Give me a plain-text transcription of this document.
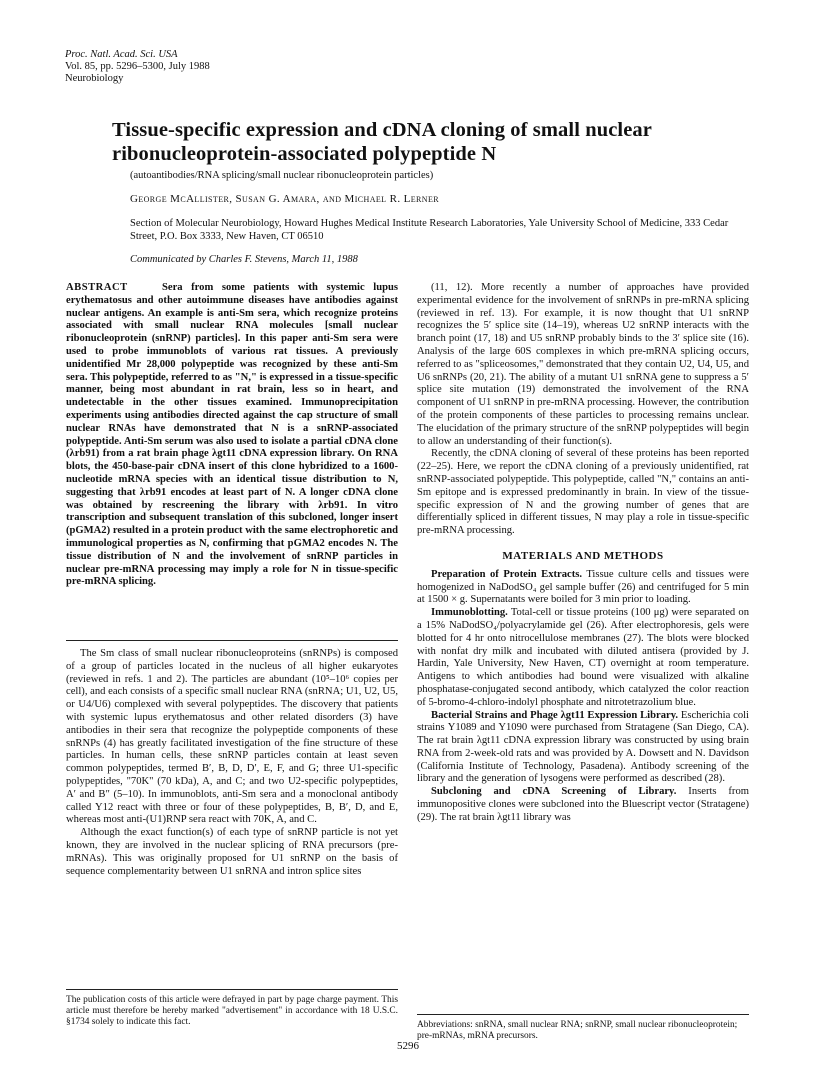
Proc. Natl. Acad. Sci. USA
Vol. 85, pp. 5296–5300, July 1988
Neurobiology
Tissue-specific expression and cDNA cloning of small nuclear ribonucleoprotein-associated polypeptide N
(autoantibodies/RNA splicing/small nuclear ribonucleoprotein particles)
George McAllister, Susan G. Amara, and Michael R. Lerner
Section of Molecular Neurobiology, Howard Hughes Medical Institute Research Laboratories, Yale University School of Medicine, 333 Cedar Street, P.O. Box 3333, New Haven, CT 06510
Communicated by Charles F. Stevens, March 11, 1988

ABSTRACT	Sera from some patients with systemic lupus erythematosus and other autoimmune diseases have antibodies against nuclear antigens. An example is anti-Sm sera, which recognize proteins associated with small nuclear RNA molecules [small nuclear ribonucleoprotein (snRNP) particles]. In this paper anti-Sm sera were used to probe immunoblots of various rat tissues. A previously unidentified Mr 28,000 polypeptide was recognized by these anti-Sm sera. This polypeptide, referred to as "N," is expressed in a tissue-specific manner, being most abundant in rat brain, less so in heart, and undetectable in the other tissues examined. Immunoprecipitation experiments using antibodies directed against the cap structure of small nuclear RNAs have demonstrated that N is a snRNP-associated polypeptide. Anti-Sm serum was also used to isolate a partial cDNA clone (λrb91) from a rat brain phage λgt11 cDNA expression library. On RNA blots, the 450-base-pair cDNA insert of this clone hybridized to a 1600-nucleotide mRNA species with an identical tissue distribution to N, suggesting that λrb91 encodes at least part of N. A longer cDNA clone was obtained by rescreening the library with λrb91. In vitro transcription and subsequent translation of this subcloned, longer insert (pGMA2) resulted in a protein product with the same electrophoretic and immunological properties as N, confirming that pGMA2 encodes N. The tissue distribution of N and the involvement of snRNP particles in nuclear pre-mRNA processing may imply a role for N in tissue-specific pre-mRNA splicing.

The Sm class of small nuclear ribonucleoproteins (snRNPs) is composed of a group of particles located in the nucleus of all higher eukaryotes (reviewed in refs. 1 and 2). The particles are abundant (10⁵–10⁶ copies per cell), and each consists of a specific small nuclear RNA (snRNA; U1, U2, U5, or U4/U6) complexed with several polypeptides. The discovery that patients with systemic lupus erythematosus and other related disorders (3) have antibodies in their sera that recognize the polypeptide components of these snRNPs (4) has greatly facilitated investigation of the fine structure of these particles. In human cells, these snRNP particles contain at least seven common polypeptides, termed B′, B, D, D′, E, F, and G; three U1-specific polypeptides, "70K" (70 kDa), A, and C; and two U2-specific polypeptides, A′ and B″ (5–10). In immunoblots, anti-Sm sera and a monoclonal antibody called Y12 react with three or four of these polypeptides, B, B′, D, and E, whereas most anti-(U1)RNP sera react with 70K, A, and C.

Although the exact function(s) of each type of snRNP particle is not yet known, they are involved in the nuclear splicing of RNA precursors (pre-mRNAs). This was originally proposed for U1 snRNP on the basis of sequence complementarity between U1 snRNA and intron splice sites

(11, 12). More recently a number of approaches have provided experimental evidence for the involvement of snRNPs in pre-mRNA splicing (reviewed in ref. 13). For example, it is now thought that U1 snRNP recognizes the 5′ splice site (14–19), whereas U2 snRNP interacts with the branch point (17, 18) and U5 snRNP probably binds to the 3′ splice site (16). Analysis of the large 60S complexes in which pre-mRNA splicing occurs, referred to as "spliceosomes," demonstrated that they contain U2, U4, U5, and U6 snRNPs (20, 21). The ability of a mutant U1 snRNA gene to suppress a 5′ splice site mutation (19) demonstrated the involvement of the RNA component of U1 snRNP in pre-mRNA processing. However, the contribution of the protein components of these particles to processing remains unclear. The elucidation of the primary structure of the snRNP polypeptides will begin to allow an understanding of their function(s).

Recently, the cDNA cloning of several of these proteins has been reported (22–25). Here, we report the cDNA cloning of a previously unidentified, rat snRNP-associated polypeptide. This polypeptide, called "N," contains an anti-Sm epitope and is expressed predominantly in brain. In view of the tissue-specific expression of N and the growing number of genes that are differentially spliced in different tissues, N may play a role in tissue-specific pre-mRNA processing.

MATERIALS AND METHODS

Preparation of Protein Extracts. Tissue culture cells and tissues were homogenized in NaDodSO₄ gel sample buffer (26) and centrifuged for 5 min at 1500 × g. Supernatants were boiled for 3 min prior to loading.

Immunoblotting. Total-cell or tissue proteins (100 μg) were separated on a 15% NaDodSO₄/polyacrylamide gel (26). After electrophoresis, gels were blotted for 4 hr onto nitrocellulose membranes (27). The blots were blocked with nonfat dry milk and incubated with diluted antisera (provided by J. Hardin, Yale University, New Haven, CT) overnight at room temperature. Antigens to which antibodies had bound were visualized with alkaline phosphatase-conjugated second antibody, which catalyzed the color reaction of 5-bromo-4-chloro-indolyl phosphate and nitrotetrazolium blue.

Bacterial Strains and Phage λgt11 Expression Library. Escherichia coli strains Y1089 and Y1090 were purchased from Stratagene (San Diego, CA). The rat brain λgt11 cDNA expression library was constructed by using brain RNA from 2-week-old rats and was provided by A. Dowsett and N. Davidson (California Institute of Technology, Pasadena). Antibody screening of the library and the generation of lysogens were performed as described (28).

Subcloning and cDNA Screening of Library. Inserts from immunopositive clones were subcloned into the Bluescript vector (Stratagene) (29). The rat brain λgt11 library was

The publication costs of this article were defrayed in part by page charge payment. This article must therefore be hereby marked "advertisement" in accordance with 18 U.S.C. §1734 solely to indicate this fact.	Abbreviations: snRNA, small nuclear RNA; snRNP, small nuclear ribonucleoprotein; pre-mRNAs, mRNA precursors.
5296
